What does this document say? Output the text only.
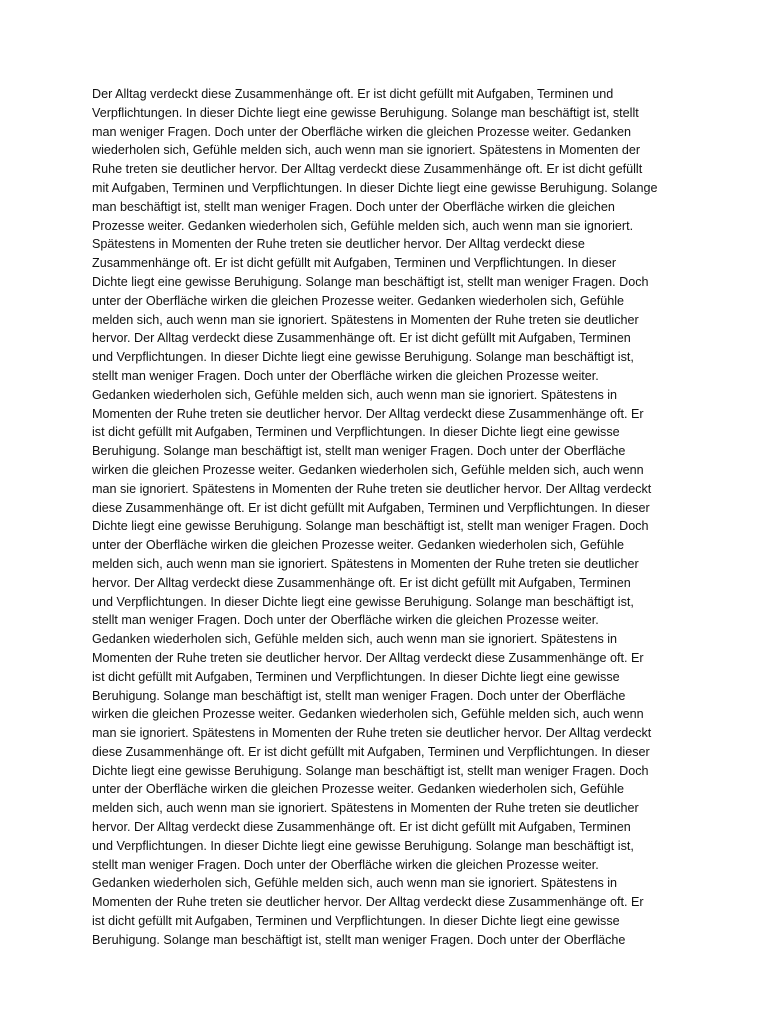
Der Alltag verdeckt diese Zusammenhänge oft. Er ist dicht gefüllt mit Aufgaben, Terminen und
Verpflichtungen. In dieser Dichte liegt eine gewisse Beruhigung. Solange man beschäftigt ist, stellt
man weniger Fragen. Doch unter der Oberfläche wirken die gleichen Prozesse weiter. Gedanken
wiederholen sich, Gefühle melden sich, auch wenn man sie ignoriert. Spätestens in Momenten der
Ruhe treten sie deutlicher hervor. Der Alltag verdeckt diese Zusammenhänge oft. Er ist dicht gefüllt
mit Aufgaben, Terminen und Verpflichtungen. In dieser Dichte liegt eine gewisse Beruhigung. Solange
man beschäftigt ist, stellt man weniger Fragen. Doch unter der Oberfläche wirken die gleichen
Prozesse weiter. Gedanken wiederholen sich, Gefühle melden sich, auch wenn man sie ignoriert.
Spätestens in Momenten der Ruhe treten sie deutlicher hervor. Der Alltag verdeckt diese
Zusammenhänge oft. Er ist dicht gefüllt mit Aufgaben, Terminen und Verpflichtungen. In dieser
Dichte liegt eine gewisse Beruhigung. Solange man beschäftigt ist, stellt man weniger Fragen. Doch
unter der Oberfläche wirken die gleichen Prozesse weiter. Gedanken wiederholen sich, Gefühle
melden sich, auch wenn man sie ignoriert. Spätestens in Momenten der Ruhe treten sie deutlicher
hervor. Der Alltag verdeckt diese Zusammenhänge oft. Er ist dicht gefüllt mit Aufgaben, Terminen
und Verpflichtungen. In dieser Dichte liegt eine gewisse Beruhigung. Solange man beschäftigt ist,
stellt man weniger Fragen. Doch unter der Oberfläche wirken die gleichen Prozesse weiter.
Gedanken wiederholen sich, Gefühle melden sich, auch wenn man sie ignoriert. Spätestens in
Momenten der Ruhe treten sie deutlicher hervor. Der Alltag verdeckt diese Zusammenhänge oft. Er
ist dicht gefüllt mit Aufgaben, Terminen und Verpflichtungen. In dieser Dichte liegt eine gewisse
Beruhigung. Solange man beschäftigt ist, stellt man weniger Fragen. Doch unter der Oberfläche
wirken die gleichen Prozesse weiter. Gedanken wiederholen sich, Gefühle melden sich, auch wenn
man sie ignoriert. Spätestens in Momenten der Ruhe treten sie deutlicher hervor. Der Alltag verdeckt
diese Zusammenhänge oft. Er ist dicht gefüllt mit Aufgaben, Terminen und Verpflichtungen. In dieser
Dichte liegt eine gewisse Beruhigung. Solange man beschäftigt ist, stellt man weniger Fragen. Doch
unter der Oberfläche wirken die gleichen Prozesse weiter. Gedanken wiederholen sich, Gefühle
melden sich, auch wenn man sie ignoriert. Spätestens in Momenten der Ruhe treten sie deutlicher
hervor. Der Alltag verdeckt diese Zusammenhänge oft. Er ist dicht gefüllt mit Aufgaben, Terminen
und Verpflichtungen. In dieser Dichte liegt eine gewisse Beruhigung. Solange man beschäftigt ist,
stellt man weniger Fragen. Doch unter der Oberfläche wirken die gleichen Prozesse weiter.
Gedanken wiederholen sich, Gefühle melden sich, auch wenn man sie ignoriert. Spätestens in
Momenten der Ruhe treten sie deutlicher hervor. Der Alltag verdeckt diese Zusammenhänge oft. Er
ist dicht gefüllt mit Aufgaben, Terminen und Verpflichtungen. In dieser Dichte liegt eine gewisse
Beruhigung. Solange man beschäftigt ist, stellt man weniger Fragen. Doch unter der Oberfläche
wirken die gleichen Prozesse weiter. Gedanken wiederholen sich, Gefühle melden sich, auch wenn
man sie ignoriert. Spätestens in Momenten der Ruhe treten sie deutlicher hervor. Der Alltag verdeckt
diese Zusammenhänge oft. Er ist dicht gefüllt mit Aufgaben, Terminen und Verpflichtungen. In dieser
Dichte liegt eine gewisse Beruhigung. Solange man beschäftigt ist, stellt man weniger Fragen. Doch
unter der Oberfläche wirken die gleichen Prozesse weiter. Gedanken wiederholen sich, Gefühle
melden sich, auch wenn man sie ignoriert. Spätestens in Momenten der Ruhe treten sie deutlicher
hervor. Der Alltag verdeckt diese Zusammenhänge oft. Er ist dicht gefüllt mit Aufgaben, Terminen
und Verpflichtungen. In dieser Dichte liegt eine gewisse Beruhigung. Solange man beschäftigt ist,
stellt man weniger Fragen. Doch unter der Oberfläche wirken die gleichen Prozesse weiter.
Gedanken wiederholen sich, Gefühle melden sich, auch wenn man sie ignoriert. Spätestens in
Momenten der Ruhe treten sie deutlicher hervor. Der Alltag verdeckt diese Zusammenhänge oft. Er
ist dicht gefüllt mit Aufgaben, Terminen und Verpflichtungen. In dieser Dichte liegt eine gewisse
Beruhigung. Solange man beschäftigt ist, stellt man weniger Fragen. Doch unter der Oberfläche
